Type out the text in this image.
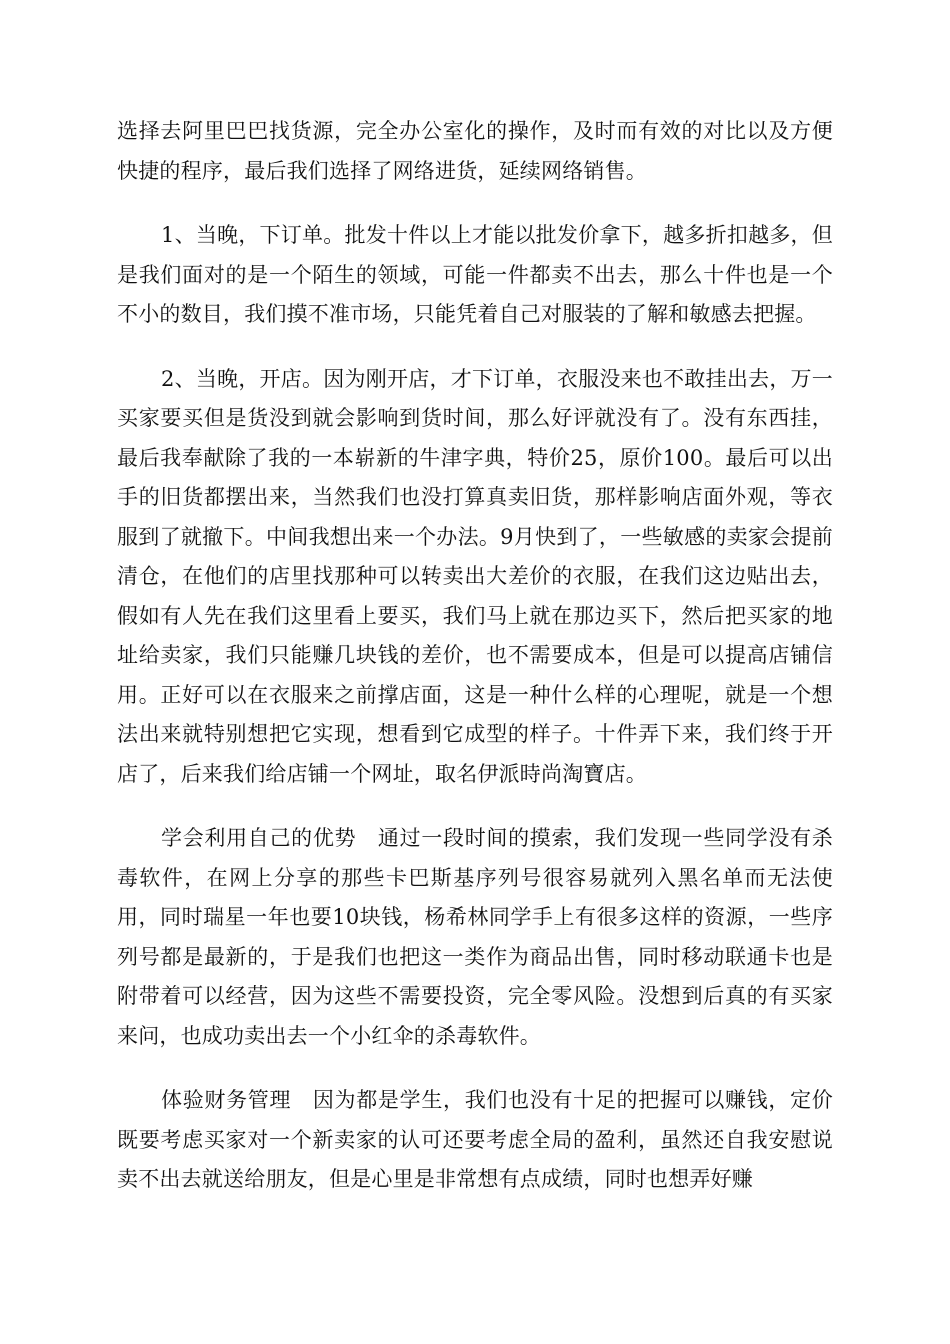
选择去阿里巴巴找货源，完全办公室化的操作，及时而有效的对比以及方便快捷的程序，最后我们选择了网络进货，延续网络销售。

1、当晚，下订单。批发十件以上才能以批发价拿下，越多折扣越多，但是我们面对的是一个陌生的领域，可能一件都卖不出去，那么十件也是一个不小的数目，我们摸不准市场，只能凭着自己对服装的了解和敏感去把握。

2、当晚，开店。因为刚开店，才下订单，衣服没来也不敢挂出去，万一买家要买但是货没到就会影响到货时间，那么好评就没有了。没有东西挂，最后我奉献除了我的一本崭新的牛津字典，特价25，原价100。最后可以出手的旧货都摆出来，当然我们也没打算真卖旧货，那样影响店面外观，等衣服到了就撤下。中间我想出来一个办法。9月快到了，一些敏感的卖家会提前清仓，在他们的店里找那种可以转卖出大差价的衣服，在我们这边贴出去，假如有人先在我们这里看上要买，我们马上就在那边买下，然后把买家的地址给卖家，我们只能赚几块钱的差价，也不需要成本，但是可以提高店铺信用。正好可以在衣服来之前撑店面，这是一种什么样的心理呢，就是一个想法出来就特别想把它实现，想看到它成型的样子。十件弄下来，我们终于开店了，后来我们给店铺一个网址，取名伊派時尚淘寶店。

学会利用自己的优势　通过一段时间的摸索，我们发现一些同学没有杀毒软件，在网上分享的那些卡巴斯基序列号很容易就列入黑名单而无法使用，同时瑞星一年也要10块钱，杨希林同学手上有很多这样的资源，一些序列号都是最新的，于是我们也把这一类作为商品出售，同时移动联通卡也是附带着可以经营，因为这些不需要投资，完全零风险。没想到后真的有买家来问，也成功卖出去一个小红伞的杀毒软件。

体验财务管理　因为都是学生，我们也没有十足的把握可以赚钱，定价既要考虑买家对一个新卖家的认可还要考虑全局的盈利，虽然还自我安慰说卖不出去就送给朋友，但是心里是非常想有点成绩，同时也想弄好赚
